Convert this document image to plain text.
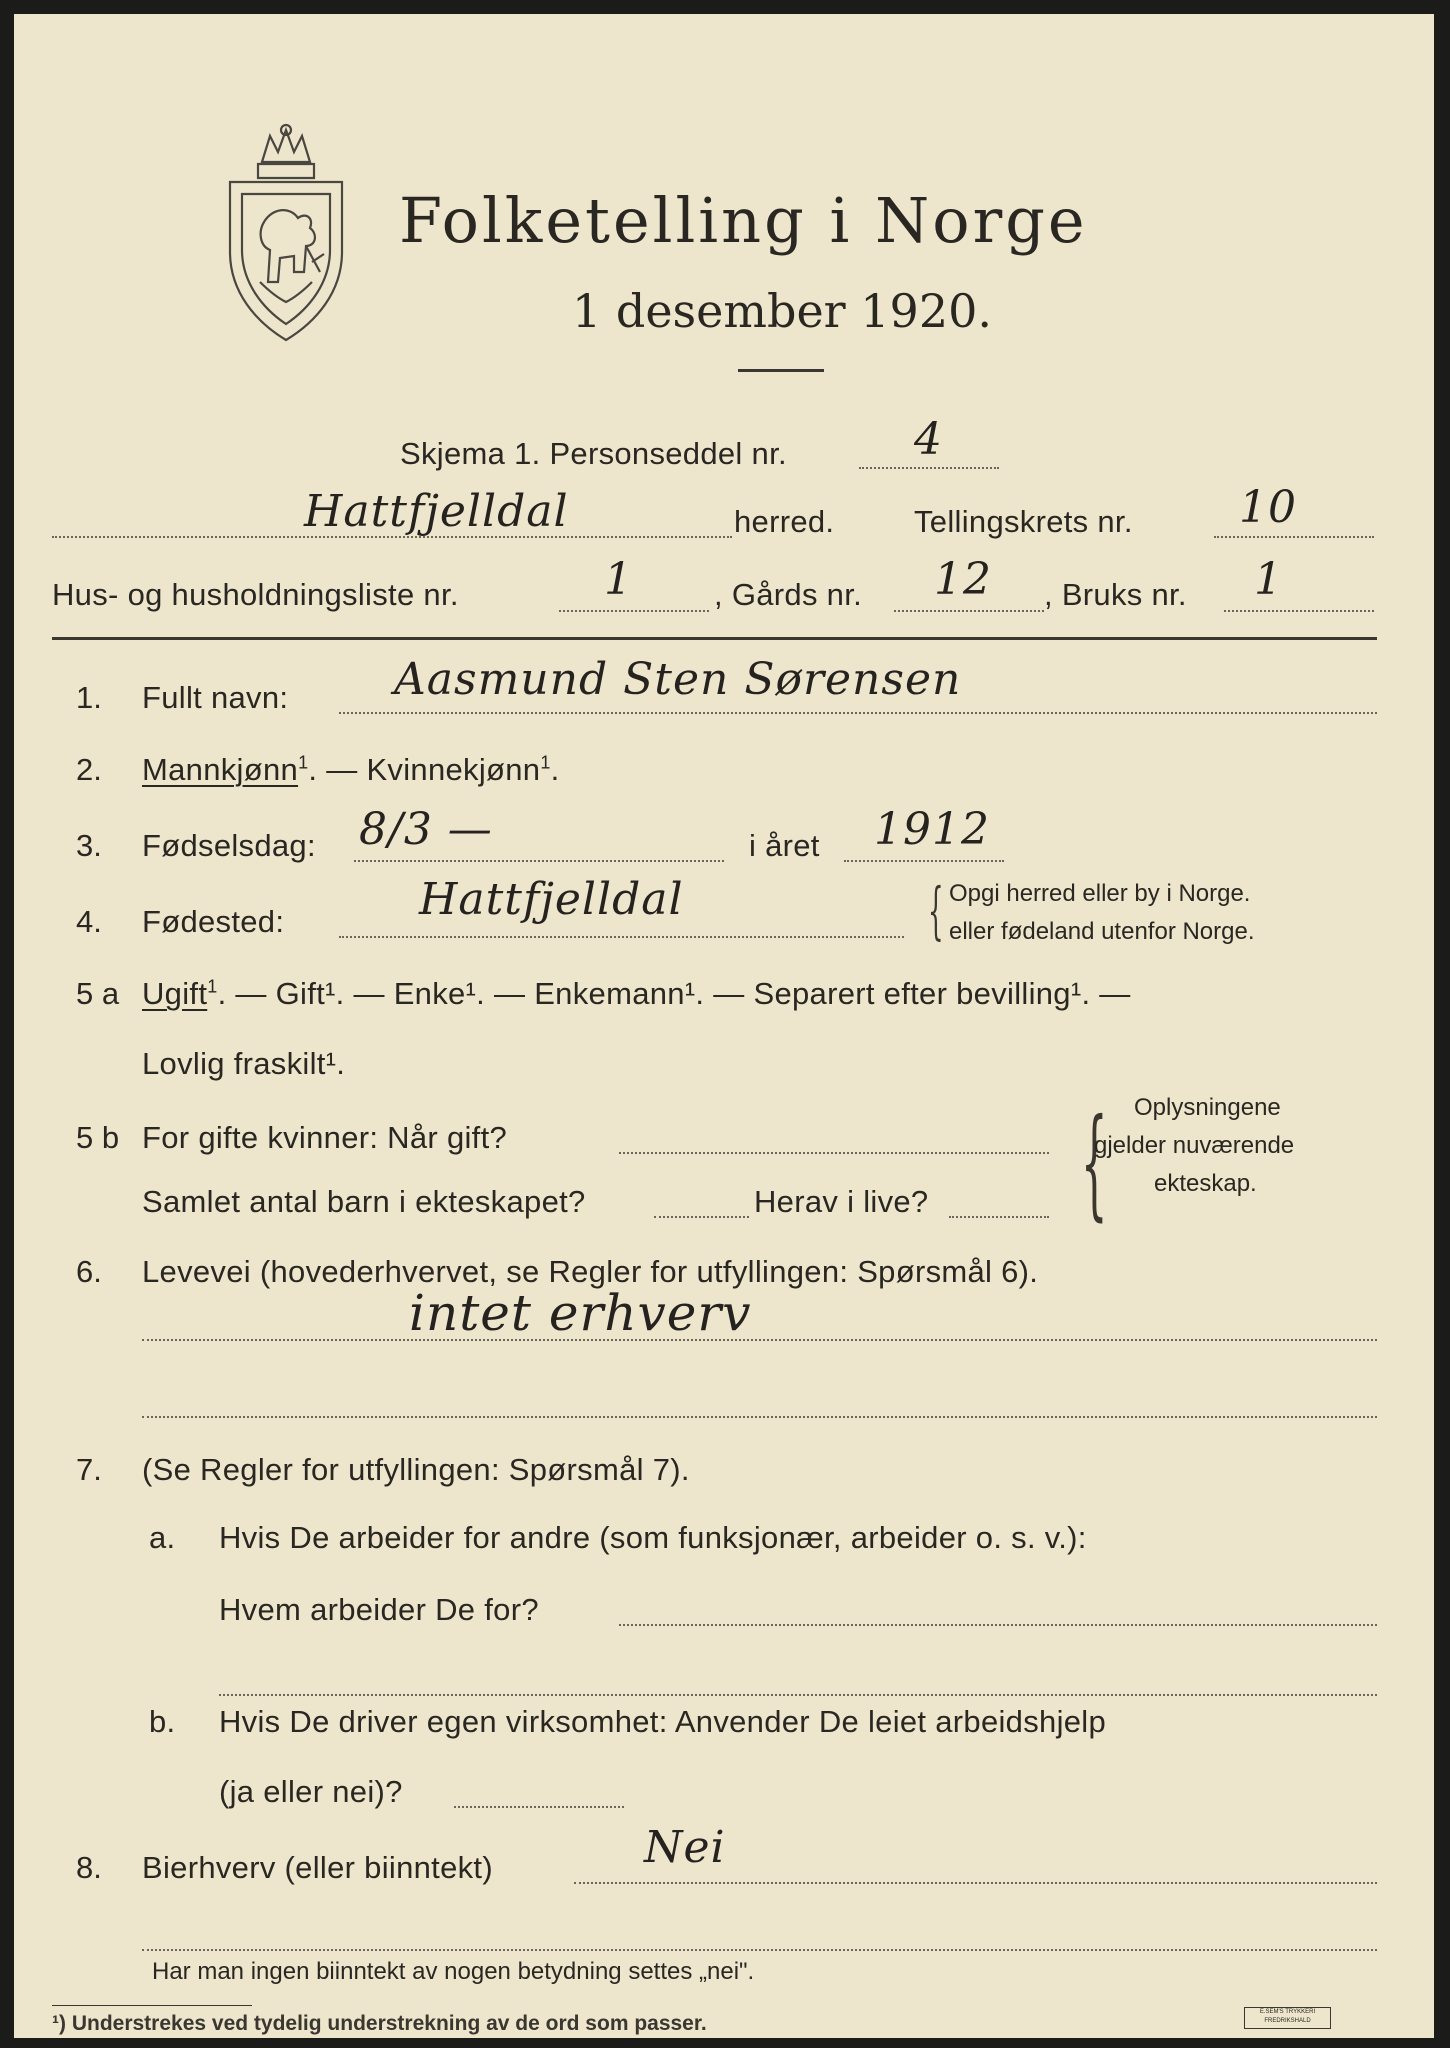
Folketelling i Norge
1 desember 1920.
Skjema 1. Personseddel nr.	4
Hattfjelldal	herred.	Tellingskrets nr. 10
Hus- og husholdningsliste nr.	1	, Gårds nr. 12 , Bruks nr. 1
1. Fullt navn: Aasmund Sten Sørensen
2. Mannkjønn$^1$. — Kvinnekjønn$^1$.
3. Fødselsdag: 8/3 —	i året 1912
4. Fødested:	Hattfjelldal	{ Opgi herred eller by i Norge.
eller fødeland utenfor Norge.
5 a Ugift$^1$. — Gift¹. — Enke¹. — Enkemann¹. — Separert efter bevilling¹. —
Lovlig fraskilt¹.
5 b For gifte kvinner: Når gift?
Samlet antal barn i ekteskapet?	Herav i live? { Oplysningene
gjelder nuværende
ekteskap.
6. Levevei (hovederhvervet, se Regler for utfyllingen: Spørsmål 6).
intet erhverv
7. (Se Regler for utfyllingen: Spørsmål 7).
a. Hvis De arbeider for andre (som funksjonær, arbeider o. s. v.):
Hvem arbeider De for?
b. Hvis De driver egen virksomhet: Anvender De leiet arbeidshjelp
(ja eller nei)?
8. Bierhverv (eller biinntekt)	Nei
Har man ingen biinntekt av nogen betydning settes „nei".
¹) Understrekes ved tydelig understrekning av de ord som passer.	E.SEM'S TRYKKERI
FREDRIKSHALD
